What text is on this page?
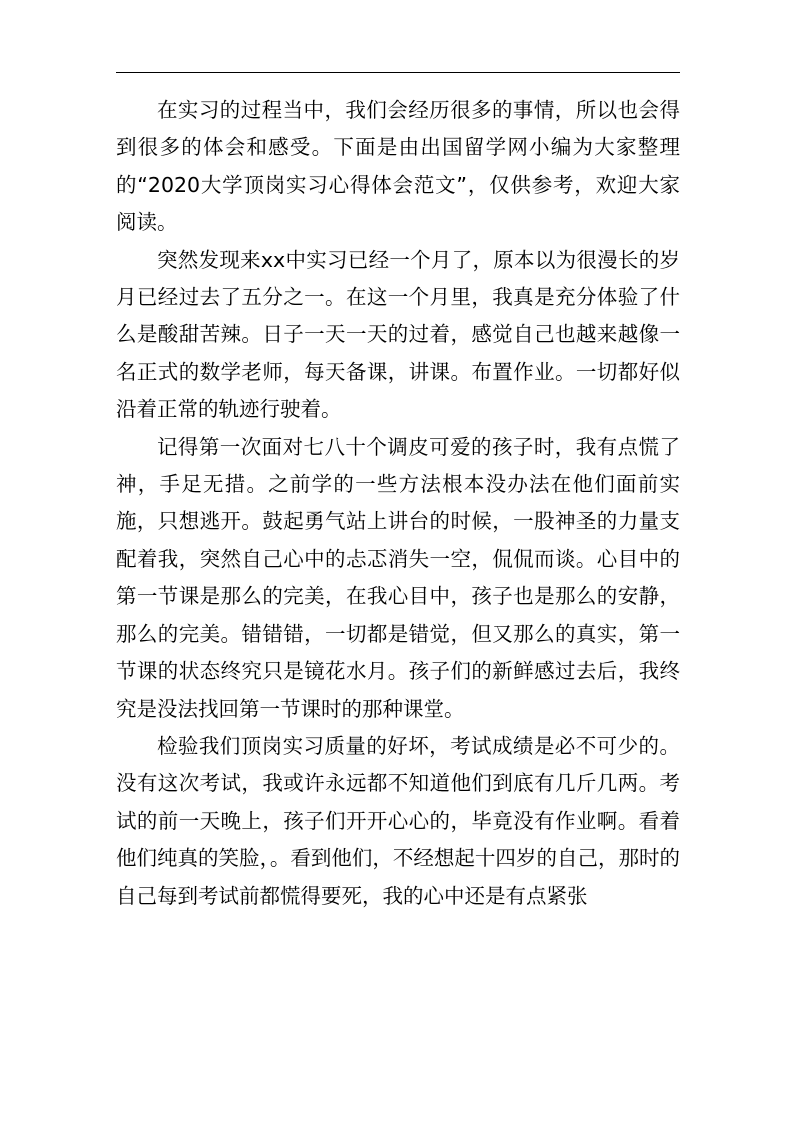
在实习的过程当中，我们会经历很多的事情，所以也会得到很多的体会和感受。下面是由出国留学网小编为大家整理的“2020大学顶岗实习心得体会范文”，仅供参考，欢迎大家阅读。

突然发现来xx中实习已经一个月了，原本以为很漫长的岁月已经过去了五分之一。在这一个月里，我真是充分体验了什么是酸甜苦辣。日子一天一天的过着，感觉自己也越来越像一名正式的数学老师，每天备课，讲课。布置作业。一切都好似沿着正常的轨迹行驶着。

记得第一次面对七八十个调皮可爱的孩子时，我有点慌了神，手足无措。之前学的一些方法根本没办法在他们面前实施，只想逃开。鼓起勇气站上讲台的时候，一股神圣的力量支配着我，突然自己心中的忐忑消失一空，侃侃而谈。心目中的第一节课是那么的完美，在我心目中，孩子也是那么的安静，那么的完美。错错错，一切都是错觉，但又那么的真实，第一节课的状态终究只是镜花水月。孩子们的新鲜感过去后，我终究是没法找回第一节课时的那种课堂。

检验我们顶岗实习质量的好坏，考试成绩是必不可少的。没有这次考试，我或许永远都不知道他们到底有几斤几两。考试的前一天晚上，孩子们开开心心的，毕竟没有作业啊。看着他们纯真的笑脸，。看到他们，不经想起十四岁的自己，那时的自己每到考试前都慌得要死，我的心中还是有点紧张
